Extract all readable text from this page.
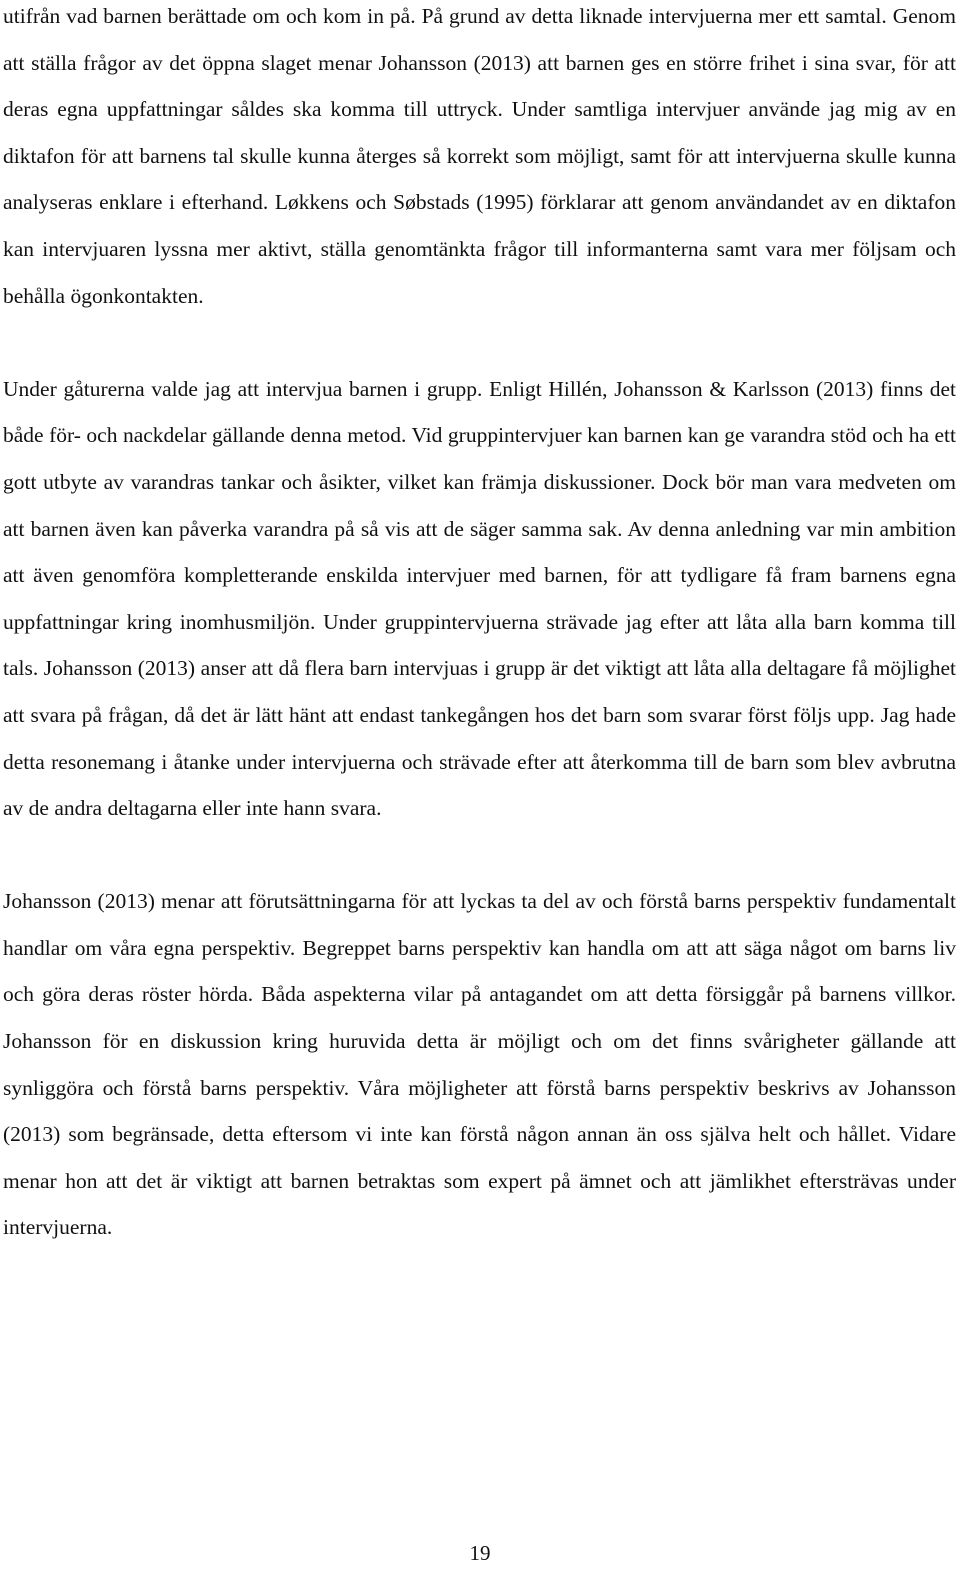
utifrån vad barnen berättade om och kom in på. På grund av detta liknade intervjuerna mer ett samtal. Genom att ställa frågor av det öppna slaget menar Johansson (2013) att barnen ges en större frihet i sina svar, för att deras egna uppfattningar såldes ska komma till uttryck. Under samtliga intervjuer använde jag mig av en diktafon för att barnens tal skulle kunna återges så korrekt som möjligt, samt för att intervjuerna skulle kunna analyseras enklare i efterhand. Løkkens och Søbstads (1995) förklarar att genom användandet av en diktafon kan intervjuaren lyssna mer aktivt, ställa genomtänkta frågor till informanterna samt vara mer följsam och behålla ögonkontakten.

Under gåturerna valde jag att intervjua barnen i grupp. Enligt Hillén, Johansson & Karlsson (2013) finns det både för- och nackdelar gällande denna metod. Vid gruppintervjuer kan barnen kan ge varandra stöd och ha ett gott utbyte av varandras tankar och åsikter, vilket kan främja diskussioner. Dock bör man vara medveten om att barnen även kan påverka varandra på så vis att de säger samma sak. Av denna anledning var min ambition att även genomföra kompletterande enskilda intervjuer med barnen, för att tydligare få fram barnens egna uppfattningar kring inomhusmiljön. Under gruppintervjuerna strävade jag efter att låta alla barn komma till tals. Johansson (2013) anser att då flera barn intervjuas i grupp är det viktigt att låta alla deltagare få möjlighet att svara på frågan, då det är lätt hänt att endast tankegången hos det barn som svarar först följs upp. Jag hade detta resonemang i åtanke under intervjuerna och strävade efter att återkomma till de barn som blev avbrutna av de andra deltagarna eller inte hann svara.

Johansson (2013) menar att förutsättningarna för att lyckas ta del av och förstå barns perspektiv fundamentalt handlar om våra egna perspektiv. Begreppet barns perspektiv kan handla om att att säga något om barns liv och göra deras röster hörda. Båda aspekterna vilar på antagandet om att detta försiggår på barnens villkor. Johansson för en diskussion kring huruvida detta är möjligt och om det finns svårigheter gällande att synliggöra och förstå barns perspektiv. Våra möjligheter att förstå barns perspektiv beskrivs av Johansson (2013) som begränsade, detta eftersom vi inte kan förstå någon annan än oss själva helt och hållet. Vidare menar hon att det är viktigt att barnen betraktas som expert på ämnet och att jämlikhet eftersträvas under intervjuerna.

19
